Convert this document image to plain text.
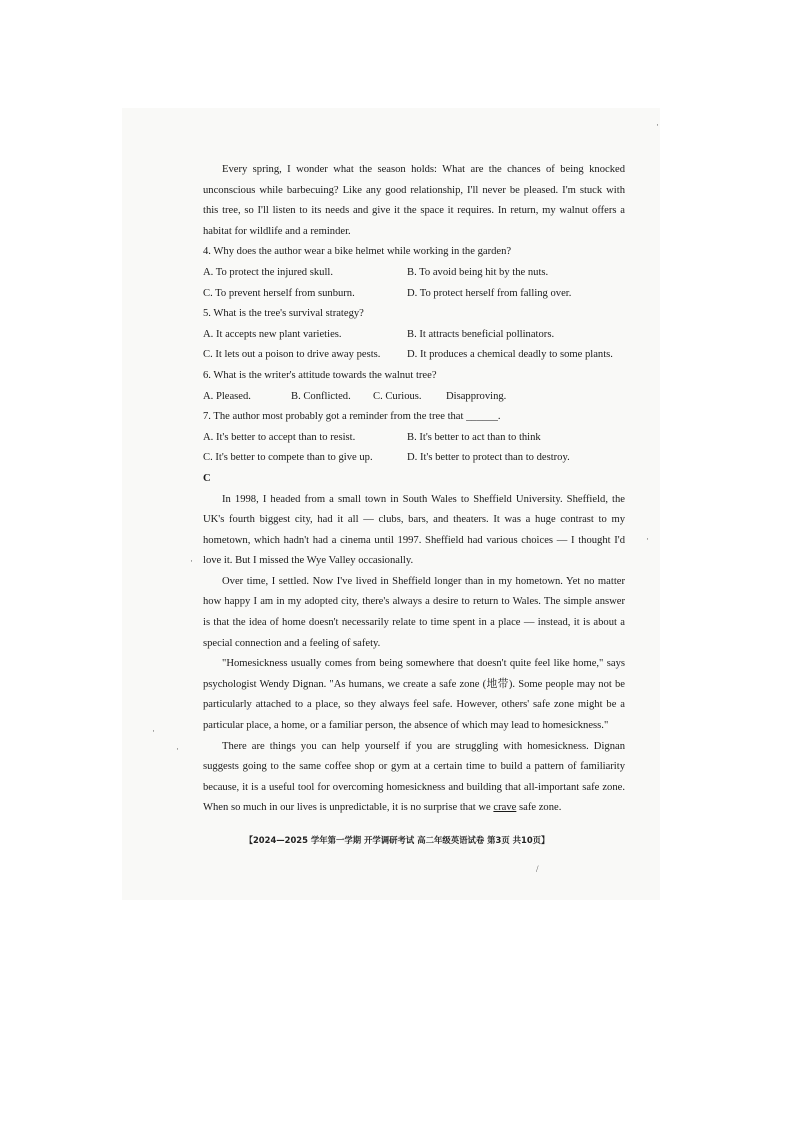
Every spring, I wonder what the season holds: What are the chances of being knocked unconscious while barbecuing? Like any good relationship, I'll never be pleased. I'm stuck with this tree, so I'll listen to its needs and give it the space it requires. In return, my walnut offers a habitat for wildlife and a reminder.

4. Why does the author wear a bike helmet while working in the garden?

A. To protect the injured skull.	B. To avoid being hit by the nuts.
C. To prevent herself from sunburn.	D. To protect herself from falling over.

5. What is the tree's survival strategy?

A. It accepts new plant varieties.	B. It attracts beneficial pollinators.
C. It lets out a poison to drive away pests.	D. It produces a chemical deadly to some plants.

6. What is the writer's attitude towards the walnut tree?

A. Pleased.	B. Conflicted.	C. Curious.	Disapproving.

7. The author most probably got a reminder from the tree that ______.

A. It's better to accept than to resist.	B. It's better to act than to think
C. It's better to compete than to give up.	D. It's better to protect than to destroy.

C

In 1998, I headed from a small town in South Wales to Sheffield University. Sheffield, the UK's fourth biggest city, had it all — clubs, bars, and theaters. It was a huge contrast to my hometown, which hadn't had a cinema until 1997. Sheffield had various choices — I thought I'd love it. But I missed the Wye Valley occasionally.

Over time, I settled. Now I've lived in Sheffield longer than in my hometown. Yet no matter how happy I am in my adopted city, there's always a desire to return to Wales. The simple answer is that the idea of home doesn't necessarily relate to time spent in a place — instead, it is about a special connection and a feeling of safety.

"Homesickness usually comes from being somewhere that doesn't quite feel like home," says psychologist Wendy Dignan. "As humans, we create a safe zone (地带). Some people may not be particularly attached to a place, so they always feel safe. However, others' safe zone might be a particular place, a home, or a familiar person, the absence of which may lead to homesickness."

There are things you can help yourself if you are struggling with homesickness. Dignan suggests going to the same coffee shop or gym at a certain time to build a pattern of familiarity because, it is a useful tool for overcoming homesickness and building that all-important safe zone. When so much in our lives is unpredictable, it is no surprise that we crave safe zone.

【2024—2025 学年第一学期 开学调研考试 高二年级英语试卷 第3页 共10页】
·
·
·
·
·
/
